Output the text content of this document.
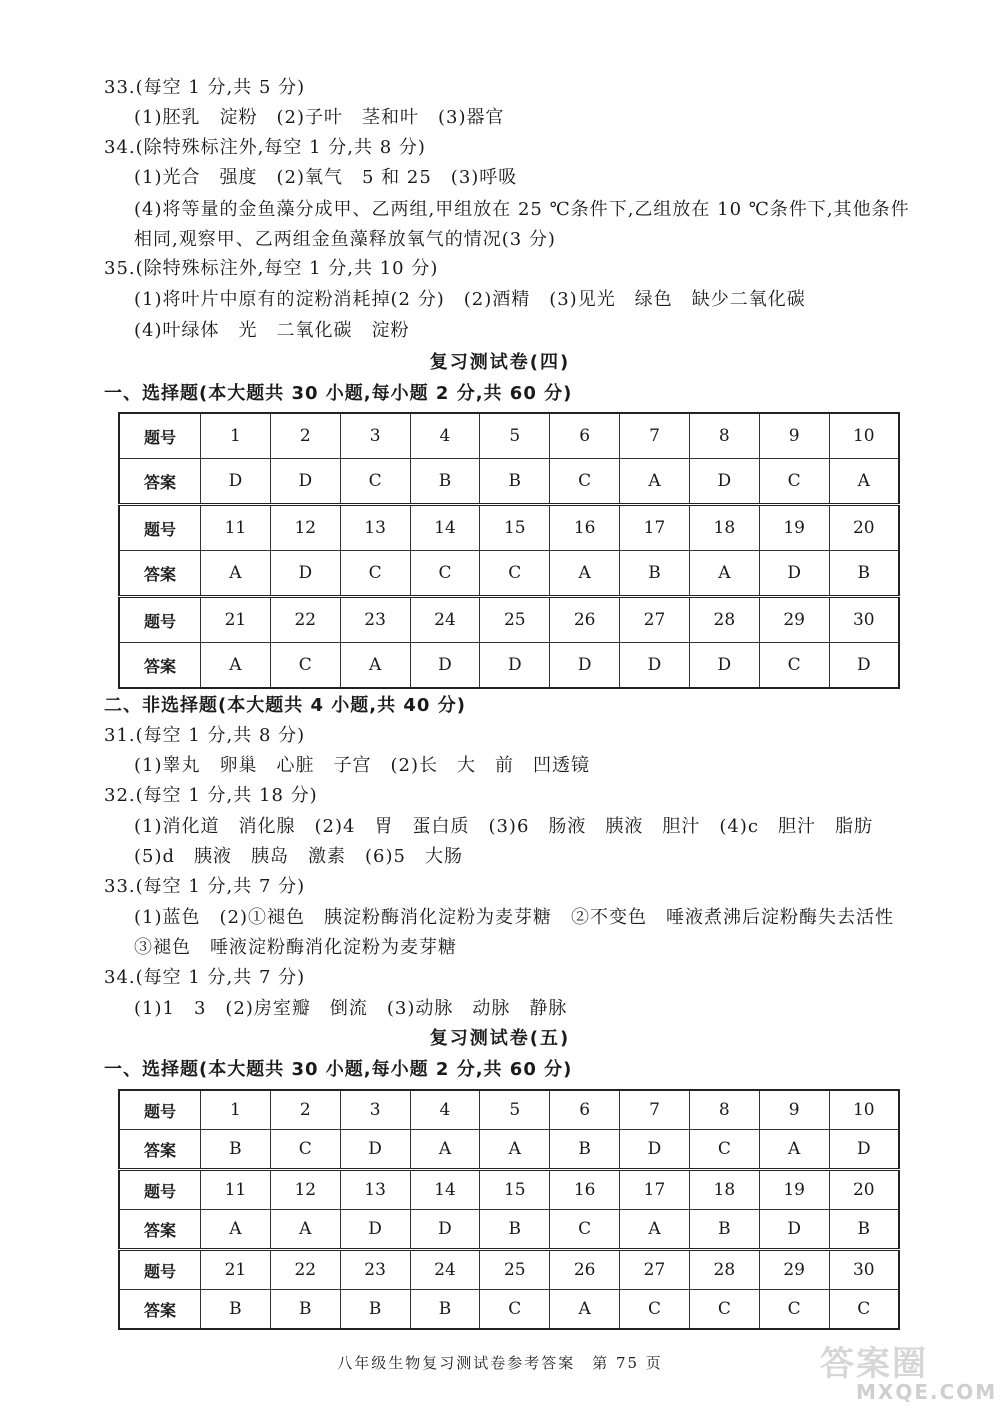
33.(每空 1 分,共 5 分)
(1)胚乳　淀粉　(2)子叶　茎和叶　(3)器官
34.(除特殊标注外,每空 1 分,共 8 分)
(1)光合　强度　(2)氧气　5 和 25　(3)呼吸
(4)将等量的金鱼藻分成甲、乙两组,甲组放在 25 ℃条件下,乙组放在 10 ℃条件下,其他条件相同,观察甲、乙两组金鱼藻释放氧气的情况(3 分)
35.(除特殊标注外,每空 1 分,共 10 分)
(1)将叶片中原有的淀粉消耗掉(2 分)　(2)酒精　(3)见光　绿色　缺少二氧化碳
(4)叶绿体　光　二氧化碳　淀粉
复习测试卷(四)
一、选择题(本大题共 30 小题,每小题 2 分,共 60 分)
题号	1	2	3	4	5	6	7	8	9	10
答案	D	D	C	B	B	C	A	D	C	A
题号	11	12	13	14	15	16	17	18	19	20
答案	A	D	C	C	C	A	B	A	D	B
题号	21	22	23	24	25	26	27	28	29	30
答案	A	C	A	D	D	D	D	D	C	D
二、非选择题(本大题共 4 小题,共 40 分)
31.(每空 1 分,共 8 分)
(1)睾丸　卵巢　心脏　子宫　(2)长　大　前　凹透镜
32.(每空 1 分,共 18 分)
(1)消化道　消化腺　(2)4　胃　蛋白质　(3)6　肠液　胰液　胆汁　(4)c　胆汁　脂肪
(5)d　胰液　胰岛　激素　(6)5　大肠
33.(每空 1 分,共 7 分)
(1)蓝色　(2)①褪色　胰淀粉酶消化淀粉为麦芽糖　②不变色　唾液煮沸后淀粉酶失去活性　③褪色　唾液淀粉酶消化淀粉为麦芽糖
34.(每空 1 分,共 7 分)
(1)1　3　(2)房室瓣　倒流　(3)动脉　动脉　静脉
复习测试卷(五)
一、选择题(本大题共 30 小题,每小题 2 分,共 60 分)
题号	1	2	3	4	5	6	7	8	9	10
答案	B	C	D	A	A	B	D	C	A	D
题号	11	12	13	14	15	16	17	18	19	20
答案	A	A	D	D	B	C	A	B	D	B
题号	21	22	23	24	25	26	27	28	29	30
答案	B	B	B	B	C	A	C	C	C	C
八年级生物复习测试卷参考答案　第 75 页	答案圈
MXQE.COM
